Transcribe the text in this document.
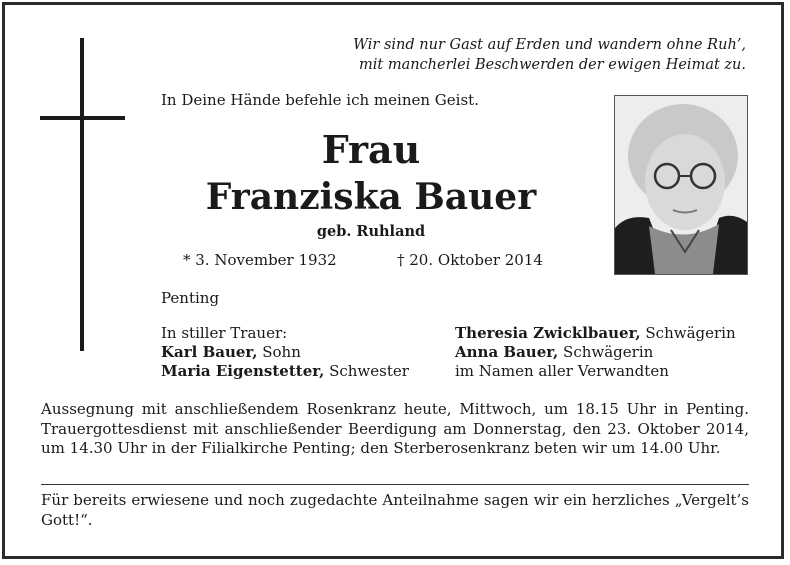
Wir sind nur Gast auf Erden und wandern ohne Ruh’,
mit mancherlei Beschwerden der ewigen Heimat zu.
In Deine Hände befehle ich meinen Geist.
Frau
Franziska Bauer
geb. Ruhland
* 3. November 1932	† 20. Oktober 2014
Penting
In stiller Trauer:
Karl Bauer, Sohn
Maria Eigenstetter, Schwester
Theresia Zwicklbauer, Schwägerin
Anna Bauer, Schwägerin
im Namen aller Verwandten
Aussegnung mit anschließendem Rosenkranz heute, Mittwoch, um 18.15 Uhr in Penting. Trauergottesdienst mit anschließender Beerdigung am Donnerstag, den 23. Oktober 2014, um 14.30 Uhr in der Filialkirche Penting; den Sterberosenkranz beten wir um 14.00 Uhr.
Für bereits erwiesene und noch zugedachte Anteilnahme sagen wir ein herzliches „Vergelt’s Gott!“.
